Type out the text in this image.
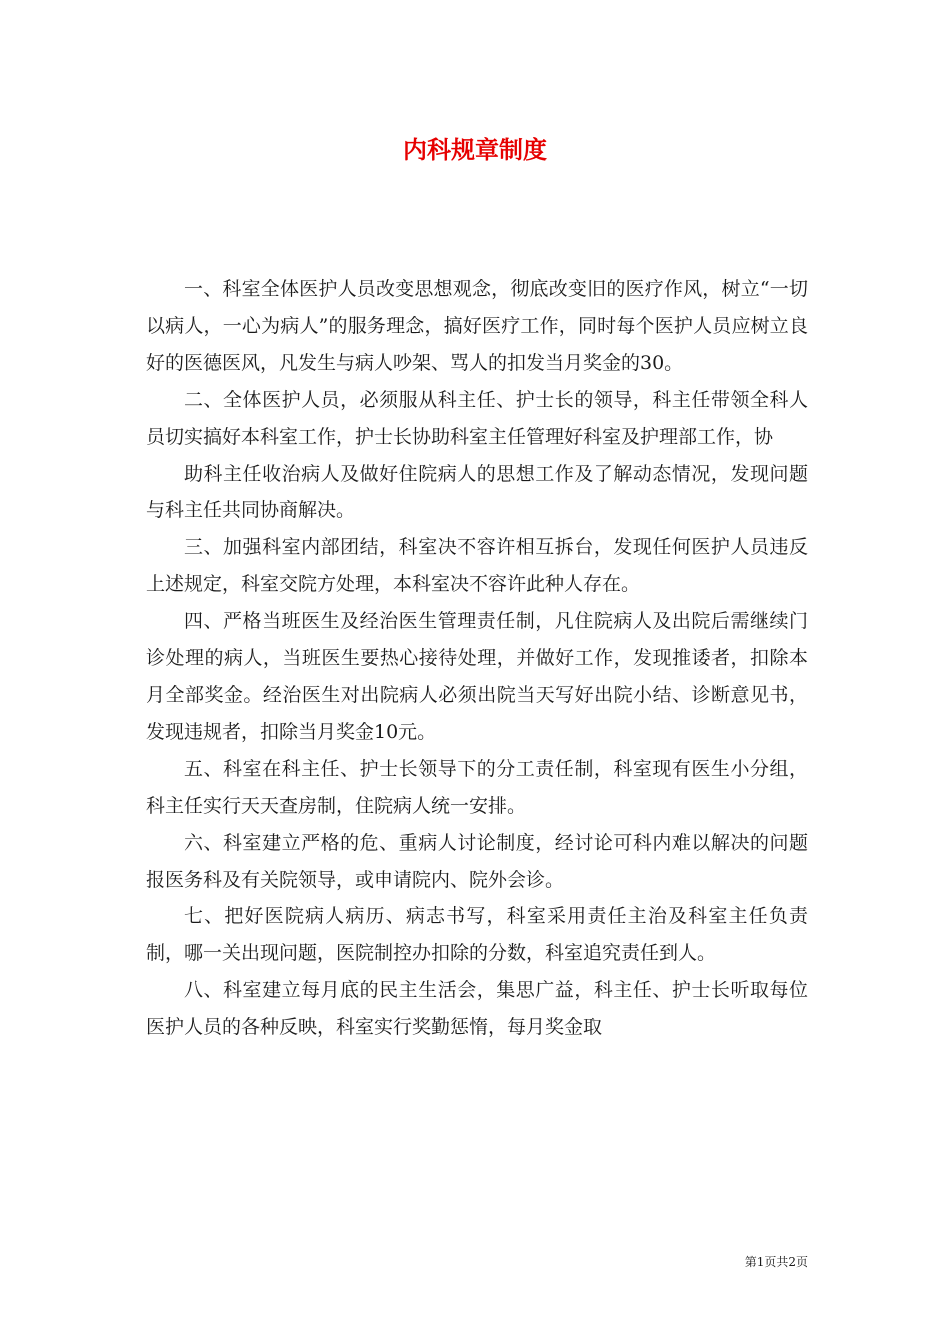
内科规章制度

一、科室全体医护人员改变思想观念，彻底改变旧的医疗作风，树立“一切以病人，一心为病人”的服务理念，搞好医疗工作，同时每个医护人员应树立良好的医德医风，凡发生与病人吵架、骂人的扣发当月奖金的30。

二、全体医护人员，必须服从科主任、护士长的领导，科主任带领全科人员切实搞好本科室工作，护士长协助科室主任管理好科室及护理部工作，协

助科主任收治病人及做好住院病人的思想工作及了解动态情况，发现问题与科主任共同协商解决。

三、加强科室内部团结，科室决不容许相互拆台，发现任何医护人员违反上述规定，科室交院方处理，本科室决不容许此种人存在。

四、严格当班医生及经治医生管理责任制，凡住院病人及出院后需继续门诊处理的病人，当班医生要热心接待处理，并做好工作，发现推诿者，扣除本月全部奖金。经治医生对出院病人必须出院当天写好出院小结、诊断意见书，发现违规者，扣除当月奖金10元。

五、科室在科主任、护士长领导下的分工责任制，科室现有医生小分组，科主任实行天天查房制，住院病人统一安排。

六、科室建立严格的危、重病人讨论制度，经讨论可科内难以解决的问题报医务科及有关院领导，或申请院内、院外会诊。

七、把好医院病人病历、病志书写，科室采用责任主治及科室主任负责制，哪一关出现问题，医院制控办扣除的分数，科室追究责任到人。

八、科室建立每月底的民主生活会，集思广益，科主任、护士长听取每位医护人员的各种反映，科室实行奖勤惩惰，每月奖金取

第1页共2页
